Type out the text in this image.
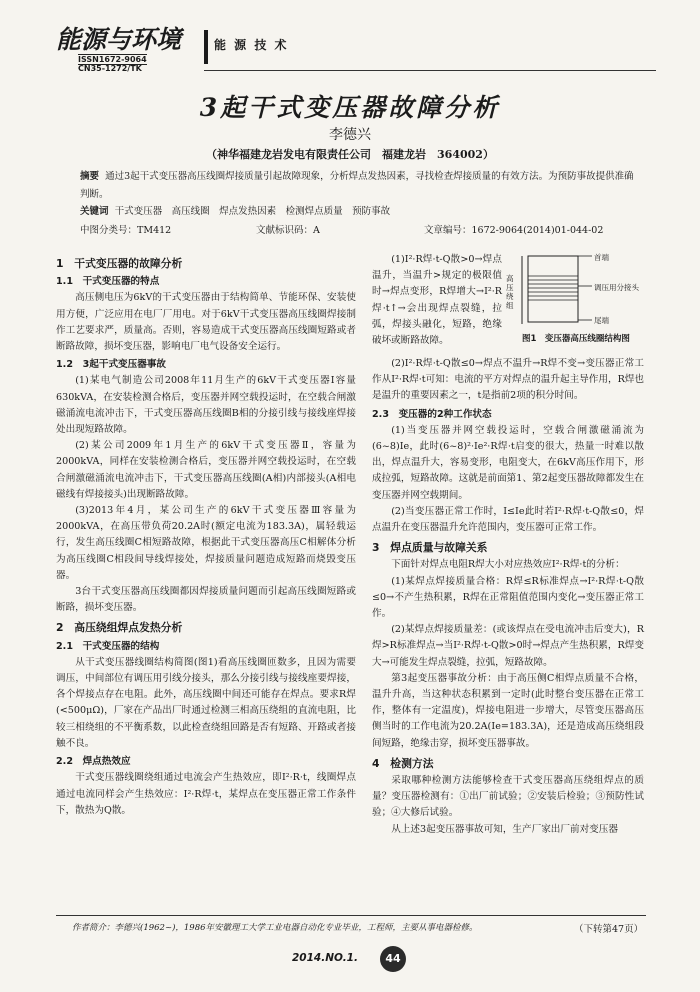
能源与环境
ISSN1672-9064
CN35-1272/TK
能 源 技 术
3起干式变压器故障分析
李德兴
（神华福建龙岩发电有限责任公司　福建龙岩　364002）
摘要 通过3起干式变压器高压线圈焊接质量引起故障现象，分析焊点发热因素，寻找检查焊接质量的有效方法。为预防事故提供准确判断。
关键词 干式变压器　高压线圈　焊点发热因素　检测焊点质量　预防事故
中图分类号：TM412	文献标识码：A	文章编号：1672-9064(2014)01-044-02
1　干式变压器的故障分析
1.1　干式变压器的特点

高压侧电压为6kV的干式变压器由于结构简单、节能环保、安装使用方便，广泛应用在电厂厂用电。对于6kV干式变压器高压线圈焊接制作工艺要求严，质量高。否则，容易造成干式变压器高压线圈短路或者断路故障，损坏变压器，影响电厂电气设备安全运行。

1.2　3起干式变压器事故

(1)某电气制造公司2008年11月生产的6kV干式变压器Ⅰ容量630kVA，在安装检测合格后，变压器并网空载投运时，在空载合闸激磁涌流电流冲击下，干式变压器高压线圈B相的分接引线与接线座焊接处出现短路故障。

(2)某公司2009年1月生产的6kV干式变压器Ⅱ，容量为2000kVA，同样在安装检测合格后，变压器并网空载投运时，在空载合闸激磁涌流电流冲击下，干式变压器高压线圈(A相)内部接头(A相电磁线有焊接接头)出现断路故障。

(3)2013年4月，某公司生产的6kV干式变压器Ⅲ容量为2000kVA，在高压带负荷20.2A时(额定电流为183.3A)，属轻载运行，发生高压线圈C相短路故障，根据此干式变压器高压C相解体分析为高压线圈C相段间导线焊接处，焊接质量问题造成短路而烧毁变压器。

3台干式变压器高压线圈都因焊接质量问题而引起高压线圈短路或断路，损坏变压器。

2　高压绕组焊点发热分析
2.1　干式变压器的结构

从干式变压器线圈结构简图(图1)看高压线圈匝数多，且因为需要调压，中间部位有调压用引线分接头，那么分接引线与接线座要焊接，各个焊接点存在电阻。此外，高压线圈中间还可能存在焊点。要求R焊(<500μΩ)，厂家在产品出厂时通过检测三相高压绕组的直流电阻，比较三相绕组的不平衡系数，以此检查绕组回路是否有短路、开路或者接触不良。

2.2　焊点热效应

干式变压器线圈绕组通过电流会产生热效应，即I²·R·t，线圈焊点通过电流同样会产生热效应：I²·R焊·t，某焊点在变压器正常工作条件下，散热为Q散。

(1)I²·R焊·t-Q散>0→焊点温升，当温升>规定的极限值时→焊点变形，R焊增大→I²·R焊·t↑→会出现焊点裂缝，拉弧，焊接头融化，短路，绝缘破坏或断路故障。

高压绕组
首端
调压用分接头
尾端
图1　变压器高压线圈结构图

(2)I²·R焊·t-Q散≤0→焊点不温升→R焊不变→变压器正常工作从I²·R焊·t可知：电流的平方对焊点的温升起主导作用，R焊也是温升的重要因素之一，t是指前2项的积分时间。

2.3　变压器的2种工作状态

(1)当变压器并网空载投运时，空载合闸激磁涌流为(6~8)Ie，此时(6~8)²·Ie²·R焊·t启变的很大，热量一时难以散出，焊点温升大，容易变形，电阻变大，在6kV高压作用下，形成拉弧，短路故障。这就是前面第1、第2起变压器故障都发生在变压器并网空载期间。

(2)当变压器正常工作时，I≤Ie此时若I²·R焊·t-Q散≤0，焊点温升在变压器温升允许范围内，变压器可正常工作。

3　焊点质量与故障关系

下面针对焊点电阻R焊大小对应热效应I²·R焊·t的分析：

(1)某焊点焊接质量合格：R焊≤R标准焊点→I²·R焊·t-Q散≤0→不产生热积累，R焊在正常阻值范围内变化→变压器正常工作。

(2)某焊点焊接质量差：(或该焊点在受电流冲击后变大)，R焊>R标准焊点→当I²·R焊·t-Q散>0时→焊点产生热积累，R焊变大→可能发生焊点裂缝，拉弧，短路故障。

第3起变压器事故分析：由于高压侧C相焊点质量不合格，温升升高，当这种状态积累到一定时(此时整台变压器在正常工作，整体有一定温度)，焊接电阻进一步增大，尽管变压器高压侧当时的工作电流为20.2A(Ⅰe=183.3A)，还是造成高压绕组段间短路，绝缘击穿，损坏变压器事故。

4　检测方法

采取哪种检测方法能够检查干式变压器高压绕组焊点的质量？变压器检测有：①出厂前试验；②安装后检验；③预防性试验；④大修后试验。

从上述3起变压器事故可知，生产厂家出厂前对变压器

作者简介：李德兴(1962~)，1986年安徽理工大学工业电器自动化专业毕业，工程师，主要从事电器检修。	（下转第47页）
2014.NO.1.	44
